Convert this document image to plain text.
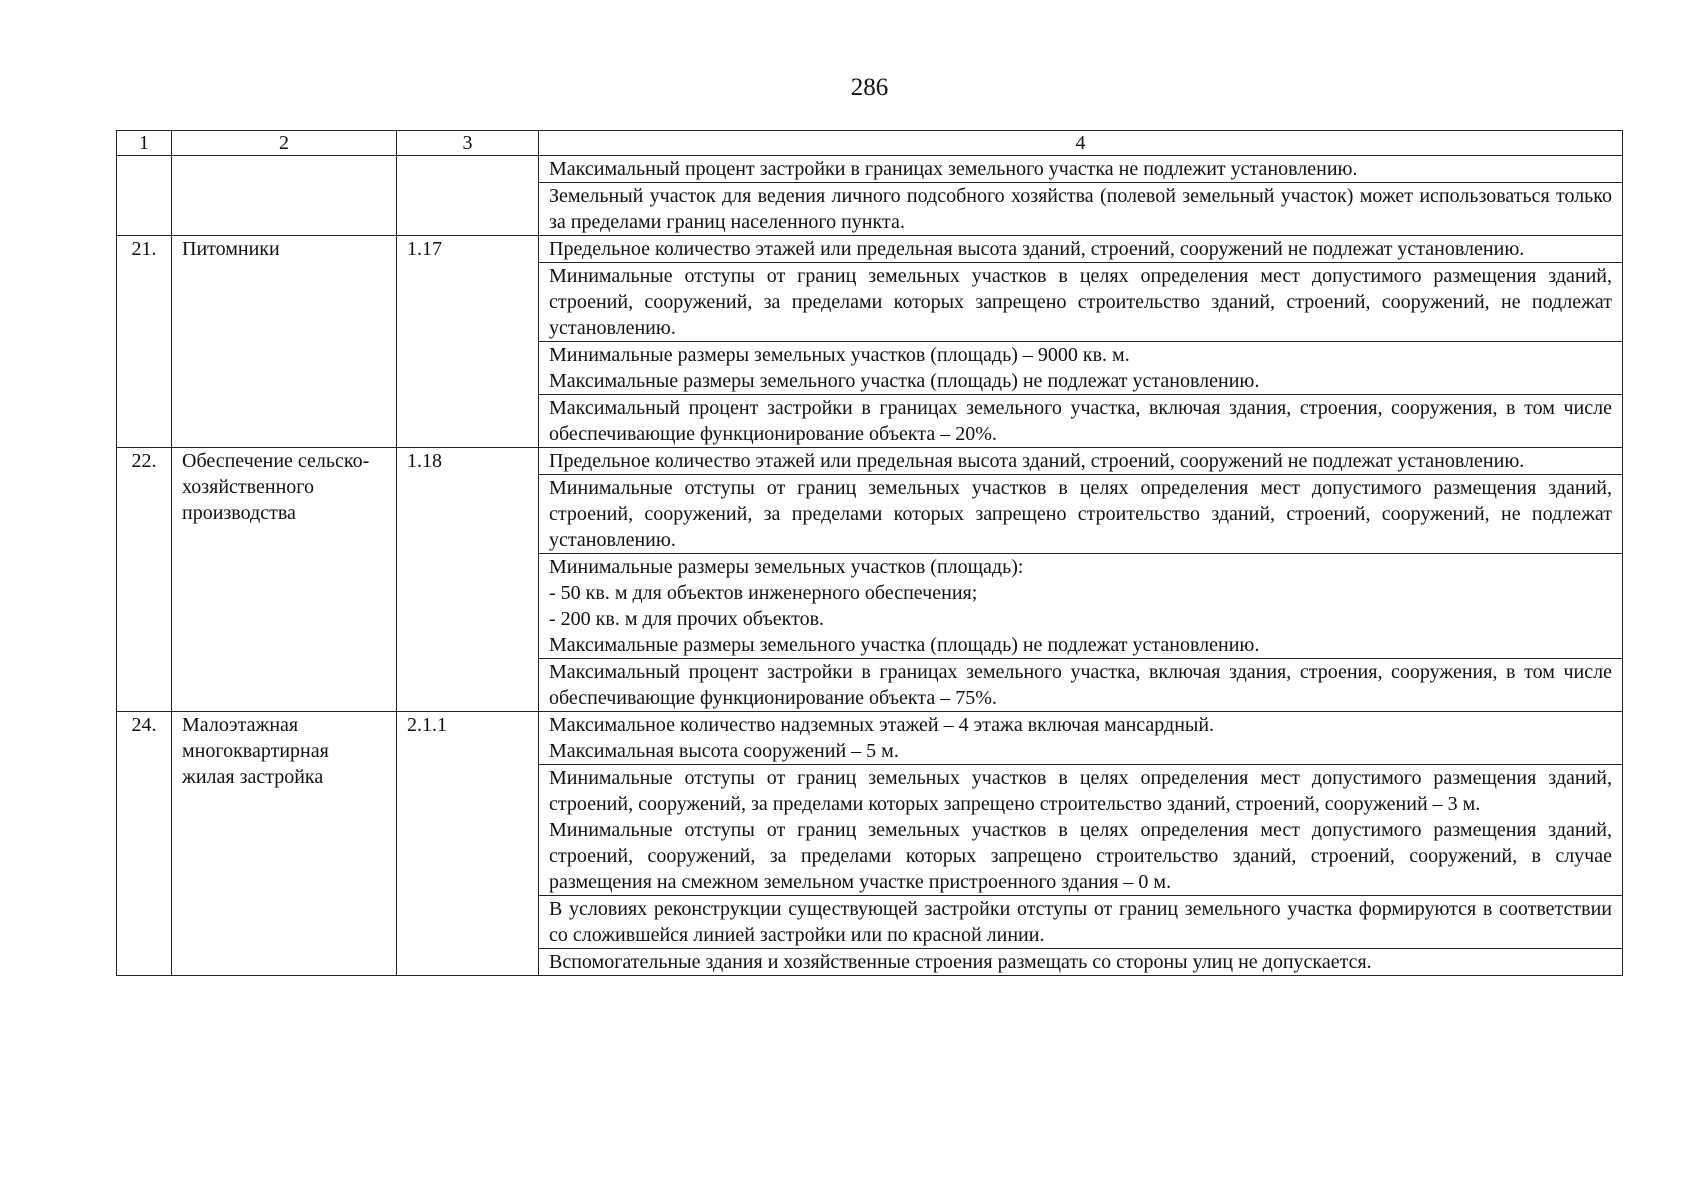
286
1	2	3	4

			Максимальный процент застройки в границах земельного участка не подлежит установлению.

			Земельный участок для ведения личного подсобного хозяйства (полевой земельный участок) может использоваться только за пределами границ населенного пункта.

21.	Питомники	1.17	Предельное количество этажей или предельная высота зданий, строений, сооружений не подлежат установлению.

			Минимальные отступы от границ земельных участков в целях определения мест допустимого размещения зданий, строений, сооружений, за пределами которых запрещено строительство зданий, строений, сооружений, не подлежат установлению.

			Минимальные размеры земельных участков (площадь) – 9000 кв. м.
Максимальные размеры земельного участка (площадь) не подлежат установлению.

			Максимальный процент застройки в границах земельного участка, включая здания, строения, сооружения, в том числе обеспечивающие функционирование объекта – 20%.

22.	Обеспечение сельско-хозяйственного производства	1.18	Предельное количество этажей или предельная высота зданий, строений, сооружений не подлежат установлению.

			Минимальные отступы от границ земельных участков в целях определения мест допустимого размещения зданий, строений, сооружений, за пределами которых запрещено строительство зданий, строений, сооружений, не подлежат установлению.

			Минимальные размеры земельных участков (площадь):
- 50 кв. м для объектов инженерного обеспечения;
- 200 кв. м для прочих объектов.
Максимальные размеры земельного участка (площадь) не подлежат установлению.

			Максимальный процент застройки в границах земельного участка, включая здания, строения, сооружения, в том числе обеспечивающие функционирование объекта – 75%.

24.	Малоэтажная многоквартирная жилая застройка	2.1.1	Максимальное количество надземных этажей – 4 этажа включая мансардный.
Максимальная высота сооружений – 5 м.

			Минимальные отступы от границ земельных участков в целях определения мест допустимого размещения зданий, строений, сооружений, за пределами которых запрещено строительство зданий, строений, сооружений – 3 м.
Минимальные отступы от границ земельных участков в целях определения мест допустимого размещения зданий, строений, сооружений, за пределами которых запрещено строительство зданий, строений, сооружений, в случае размещения на смежном земельном участке пристроенного здания – 0 м.

			В условиях реконструкции существующей застройки отступы от границ земельного участка формируются в соответствии со сложившейся линией застройки или по красной линии.

			Вспомогательные здания и хозяйственные строения размещать со стороны улиц не допускается.
